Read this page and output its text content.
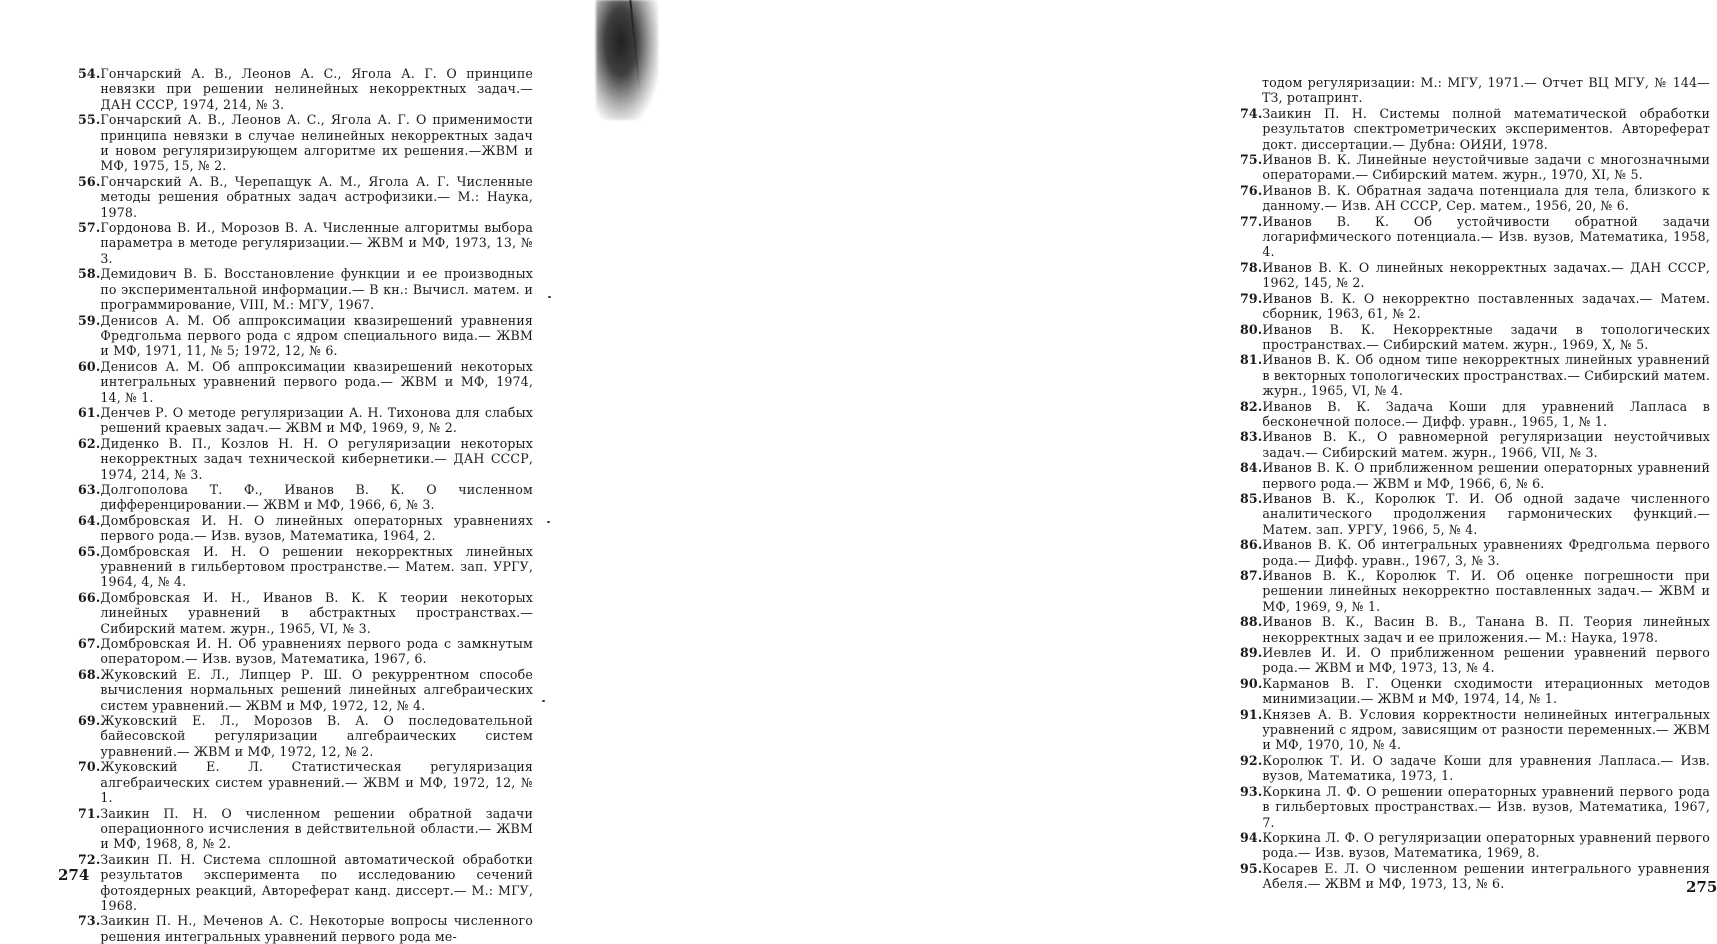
54. Гончарский А. В., Леонов А. С., Ягола А. Г. О принципе невязки при решении нелинейных некорректных задач.— ДАН СССР, 1974, 214, № 3.
55. Гончарский А. В., Леонов А. С., Ягола А. Г. О применимости принципа невязки в случае нелинейных некорректных задач и новом регуляризирующем алгоритме их решения.—ЖВМ и МФ, 1975, 15, № 2.
56. Гончарский А. В., Черепащук А. М., Ягола А. Г. Численные методы решения обратных задач астрофизики.— М.: Наука, 1978.
57. Гордонова В. И., Морозов В. А. Численные алгоритмы выбора параметра в методе регуляризации.— ЖВМ и МФ, 1973, 13, № 3.
58. Демидович В. Б. Восстановление функции и ее производных по экспериментальной информации.— В кн.: Вычисл. матем. и программирование, VIII, М.: МГУ, 1967.
59. Денисов А. М. Об аппроксимации квазирешений уравнения Фредгольма первого рода с ядром специального вида.— ЖВМ и МФ, 1971, 11, № 5; 1972, 12, № 6.
60. Денисов А. М. Об аппроксимации квазирешений некоторых интегральных уравнений первого рода.— ЖВМ и МФ, 1974, 14, № 1.
61. Денчев Р. О методе регуляризации А. Н. Тихонова для слабых решений краевых задач.— ЖВМ и МФ, 1969, 9, № 2.
62. Диденко В. П., Козлов Н. Н. О регуляризации некоторых некорректных задач технической кибернетики.— ДАН СССР, 1974, 214, № 3.
63. Долгополова Т. Ф., Иванов В. К. О численном дифференцировании.— ЖВМ и МФ, 1966, 6, № 3.
64. Домбровская И. Н. О линейных операторных уравнениях первого рода.— Изв. вузов, Математика, 1964, 2.
65. Домбровская И. Н. О решении некорректных линейных уравнений в гильбертовом пространстве.— Матем. зап. УРГУ, 1964, 4, № 4.
66. Домбровская И. Н., Иванов В. К. К теории некоторых линейных уравнений в абстрактных пространствах.— Сибирский матем. журн., 1965, VI, № 3.
67. Домбровская И. Н. Об уравнениях первого рода с замкнутым оператором.— Изв. вузов, Математика, 1967, 6.
68. Жуковский Е. Л., Липцер Р. Ш. О рекуррентном способе вычисления нормальных решений линейных алгебраических систем уравнений.— ЖВМ и МФ, 1972, 12, № 4.
69. Жуковский Е. Л., Морозов В. А. О последовательной байесовской регуляризации алгебраических систем уравнений.— ЖВМ и МФ, 1972, 12, № 2.
70. Жуковский Е. Л. Статистическая регуляризация алгебраических систем уравнений.— ЖВМ и МФ, 1972, 12, № 1.
71. Заикин П. Н. О численном решении обратной задачи операционного исчисления в действительной области.— ЖВМ и МФ, 1968, 8, № 2.
72. Заикин П. Н. Система сплошной автоматической обработки результатов эксперимента по исследованию сечений фотоядерных реакций, Автореферат канд. диссерт.— М.: МГУ, 1968.
73. Заикин П. Н., Меченов А. С. Некоторые вопросы численного решения интегральных уравнений первого рода ме-
274
тодом регуляризации: М.: МГУ, 1971.— Отчет ВЦ МГУ, № 144—ТЗ, ротапринт.
74. Заикин П. Н. Системы полной математической обработки результатов спектрометрических экспериментов. Автореферат докт. диссертации.— Дубна: ОИЯИ, 1978.
75. Иванов В. К. Линейные неустойчивые задачи с многозначными операторами.— Сибирский матем. журн., 1970, XI, № 5.
76. Иванов В. К. Обратная задача потенциала для тела, близкого к данному.— Изв. АН СССР, Сер. матем., 1956, 20, № 6.
77. Иванов В. К. Об устойчивости обратной задачи логарифмического потенциала.— Изв. вузов, Математика, 1958, 4.
78. Иванов В. К. О линейных некорректных задачах.— ДАН СССР, 1962, 145, № 2.
79. Иванов В. К. О некорректно поставленных задачах.— Матем. сборник, 1963, 61, № 2.
80. Иванов В. К. Некорректные задачи в топологических пространствах.— Сибирский матем. журн., 1969, X, № 5.
81. Иванов В. К. Об одном типе некорректных линейных уравнений в векторных топологических пространствах.— Сибирский матем. журн., 1965, VI, № 4.
82. Иванов В. К. Задача Коши для уравнений Лапласа в бесконечной полосе.— Дифф. уравн., 1965, 1, № 1.
83. Иванов В. К., О равномерной регуляризации неустойчивых задач.— Сибирский матем. журн., 1966, VII, № 3.
84. Иванов В. К. О приближенном решении операторных уравнений первого рода.— ЖВМ и МФ, 1966, 6, № 6.
85. Иванов В. К., Королюк Т. И. Об одной задаче численного аналитического продолжения гармонических функций.— Матем. зап. УРГУ, 1966, 5, № 4.
86. Иванов В. К. Об интегральных уравнениях Фредгольма первого рода.— Дифф. уравн., 1967, 3, № 3.
87. Иванов В. К., Королюк Т. И. Об оценке погрешности при решении линейных некорректно поставленных задач.— ЖВМ и МФ, 1969, 9, № 1.
88. Иванов В. К., Васин В. В., Танана В. П. Теория линейных некорректных задач и ее приложения.— М.: Наука, 1978.
89. Иевлев И. И. О приближенном решении уравнений первого рода.— ЖВМ и МФ, 1973, 13, № 4.
90. Карманов В. Г. Оценки сходимости итерационных методов минимизации.— ЖВМ и МФ, 1974, 14, № 1.
91. Князев А. В. Условия корректности нелинейных интегральных уравнений с ядром, зависящим от разности переменных.— ЖВМ и МФ, 1970, 10, № 4.
92. Королюк Т. И. О задаче Коши для уравнения Лапласа.— Изв. вузов, Математика, 1973, 1.
93. Коркина Л. Ф. О решении операторных уравнений первого рода в гильбертовых пространствах.— Изв. вузов, Математика, 1967, 7.
94. Коркина Л. Ф. О регуляризации операторных уравнений первого рода.— Изв. вузов, Математика, 1969, 8.
95. Косарев Е. Л. О численном решении интегрального уравнения Абеля.— ЖВМ и МФ, 1973, 13, № 6.	275
